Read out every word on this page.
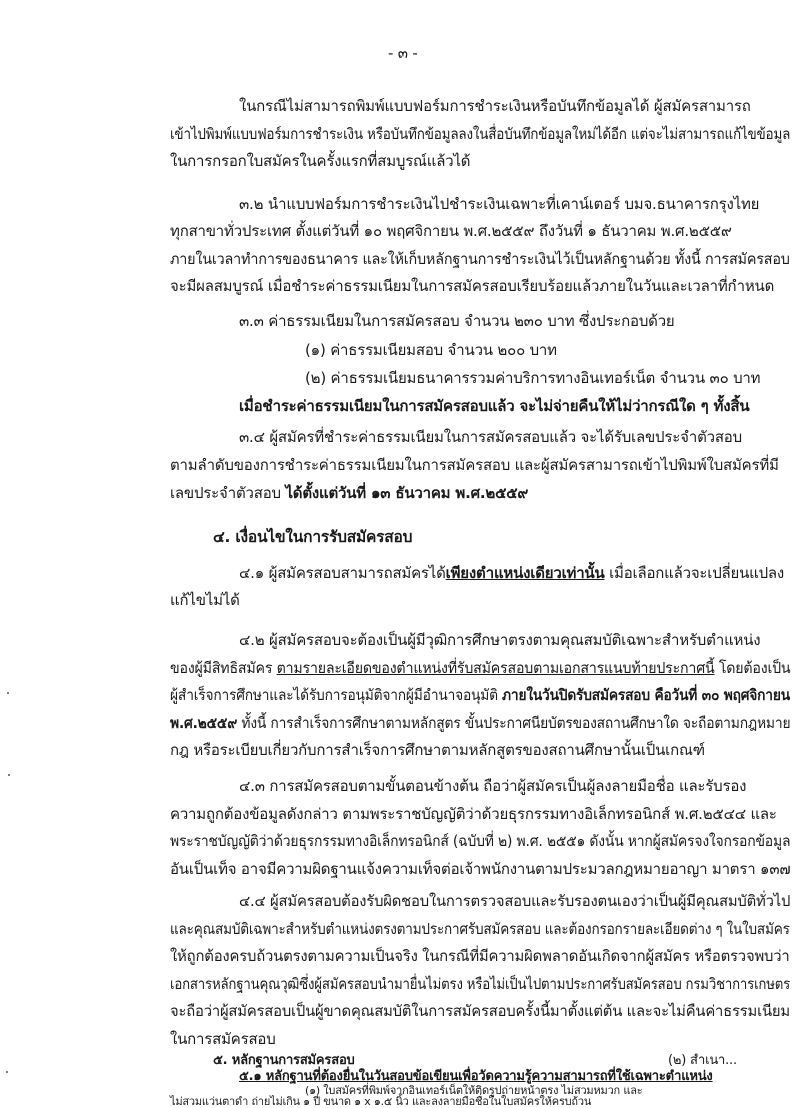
- ๓ -
ในกรณีไม่สามารถพิมพ์แบบฟอร์มการชำระเงินหรือบันทึกข้อมูลได้ ผู้สมัครสามารถ
เข้าไปพิมพ์แบบฟอร์มการชำระเงิน หรือบันทึกข้อมูลลงในสื่อบันทึกข้อมูลใหม่ได้อีก แต่จะไม่สามารถแก้ไขข้อมูล
ในการกรอกใบสมัครในครั้งแรกที่สมบูรณ์แล้วได้
๓.๒ นำแบบฟอร์มการชำระเงินไปชำระเงินเฉพาะที่เคาน์เตอร์ บมจ.ธนาคารกรุงไทย
ทุกสาขาทั่วประเทศ ตั้งแต่วันที่ ๑๐ พฤศจิกายน พ.ศ.๒๕๕๙ ถึงวันที่ ๑ ธันวาคม พ.ศ.๒๕๕๙
ภายในเวลาทำการของธนาคาร และให้เก็บหลักฐานการชำระเงินไว้เป็นหลักฐานด้วย ทั้งนี้ การสมัครสอบ
จะมีผลสมบูรณ์ เมื่อชำระค่าธรรมเนียมในการสมัครสอบเรียบร้อยแล้วภายในวันและเวลาที่กำหนด
๓.๓ ค่าธรรมเนียมในการสมัครสอบ จำนวน ๒๓๐ บาท ซึ่งประกอบด้วย
(๑) ค่าธรรมเนียมสอบ จำนวน ๒๐๐ บาท
(๒) ค่าธรรมเนียมธนาคารรวมค่าบริการทางอินเทอร์เน็ต จำนวน ๓๐ บาท
เมื่อชำระค่าธรรมเนียมในการสมัครสอบแล้ว จะไม่จ่ายคืนให้ไม่ว่ากรณีใด ๆ ทั้งสิ้น
๓.๔ ผู้สมัครที่ชำระค่าธรรมเนียมในการสมัครสอบแล้ว จะได้รับเลขประจำตัวสอบ
ตามลำดับของการชำระค่าธรรมเนียมในการสมัครสอบ และผู้สมัครสามารถเข้าไปพิมพ์ใบสมัครที่มี
เลขประจำตัวสอบ ได้ตั้งแต่วันที่ ๑๓ ธันวาคม พ.ศ.๒๕๕๙
๔. เงื่อนไขในการรับสมัครสอบ
๔.๑ ผู้สมัครสอบสามารถสมัครได้เพียงตำแหน่งเดียวเท่านั้น เมื่อเลือกแล้วจะเปลี่ยนแปลง
แก้ไขไม่ได้
๔.๒ ผู้สมัครสอบจะต้องเป็นผู้มีวุฒิการศึกษาตรงตามคุณสมบัติเฉพาะสำหรับตำแหน่ง
ของผู้มีสิทธิสมัคร ตามรายละเอียดของตำแหน่งที่รับสมัครสอบตามเอกสารแนบท้ายประกาศนี้ โดยต้องเป็น
ผู้สำเร็จการศึกษาและได้รับการอนุมัติจากผู้มีอำนาจอนุมัติ ภายในวันปิดรับสมัครสอบ คือวันที่ ๓๐ พฤศจิกายน
พ.ศ.๒๕๕๙ ทั้งนี้ การสำเร็จการศึกษาตามหลักสูตร ขั้นประกาศนียบัตรของสถานศึกษาใด จะถือตามกฎหมาย
กฎ หรือระเบียบเกี่ยวกับการสำเร็จการศึกษาตามหลักสูตรของสถานศึกษานั้นเป็นเกณฑ์
๔.๓ การสมัครสอบตามขั้นตอนข้างต้น ถือว่าผู้สมัครเป็นผู้ลงลายมือชื่อ และรับรอง
ความถูกต้องข้อมูลดังกล่าว ตามพระราชบัญญัติว่าด้วยธุรกรรมทางอิเล็กทรอนิกส์ พ.ศ.๒๕๔๔ และ
พระราชบัญญัติว่าด้วยธุรกรรมทางอิเล็กทรอนิกส์ (ฉบับที่ ๒) พ.ศ. ๒๕๕๑ ดังนั้น หากผู้สมัครจงใจกรอกข้อมูล
อันเป็นเท็จ อาจมีความผิดฐานแจ้งความเท็จต่อเจ้าพนักงานตามประมวลกฎหมายอาญา มาตรา ๑๓๗
๔.๔ ผู้สมัครสอบต้องรับผิดชอบในการตรวจสอบและรับรองตนเองว่าเป็นผู้มีคุณสมบัติทั่วไป
และคุณสมบัติเฉพาะสำหรับตำแหน่งตรงตามประกาศรับสมัครสอบ และต้องกรอกรายละเอียดต่าง ๆ ในใบสมัคร
ให้ถูกต้องครบถ้วนตรงตามความเป็นจริง ในกรณีที่มีความผิดพลาดอันเกิดจากผู้สมัคร หรือตรวจพบว่า
เอกสารหลักฐานคุณวุฒิซึ่งผู้สมัครสอบนำมายื่นไม่ตรง หรือไม่เป็นไปตามประกาศรับสมัครสอบ กรมวิชาการเกษตร
จะถือว่าผู้สมัครสอบเป็นผู้ขาดคุณสมบัติในการสมัครสอบครั้งนี้มาตั้งแต่ต้น และจะไม่คืนค่าธรรมเนียม
ในการสมัครสอบ
๕. หลักฐานการสมัครสอบ
๕.๑ หลักฐานที่ต้องยื่นในวันสอบข้อเขียนเพื่อวัดความรู้ความสามารถที่ใช้เฉพาะตำแหน่ง
(๑) ใบสมัครที่พิมพ์จากอินเทอร์เน็ตให้ติดรูปถ่ายหน้าตรง ไม่สวมหมวก และ
ไม่สวมแว่นตาดำ ถ่ายไม่เกิน ๑ ปี ขนาด ๑ x ๑.๕ นิ้ว และลงลายมือชื่อในใบสมัครให้ครบถ้วน
(๒) สำเนา...
